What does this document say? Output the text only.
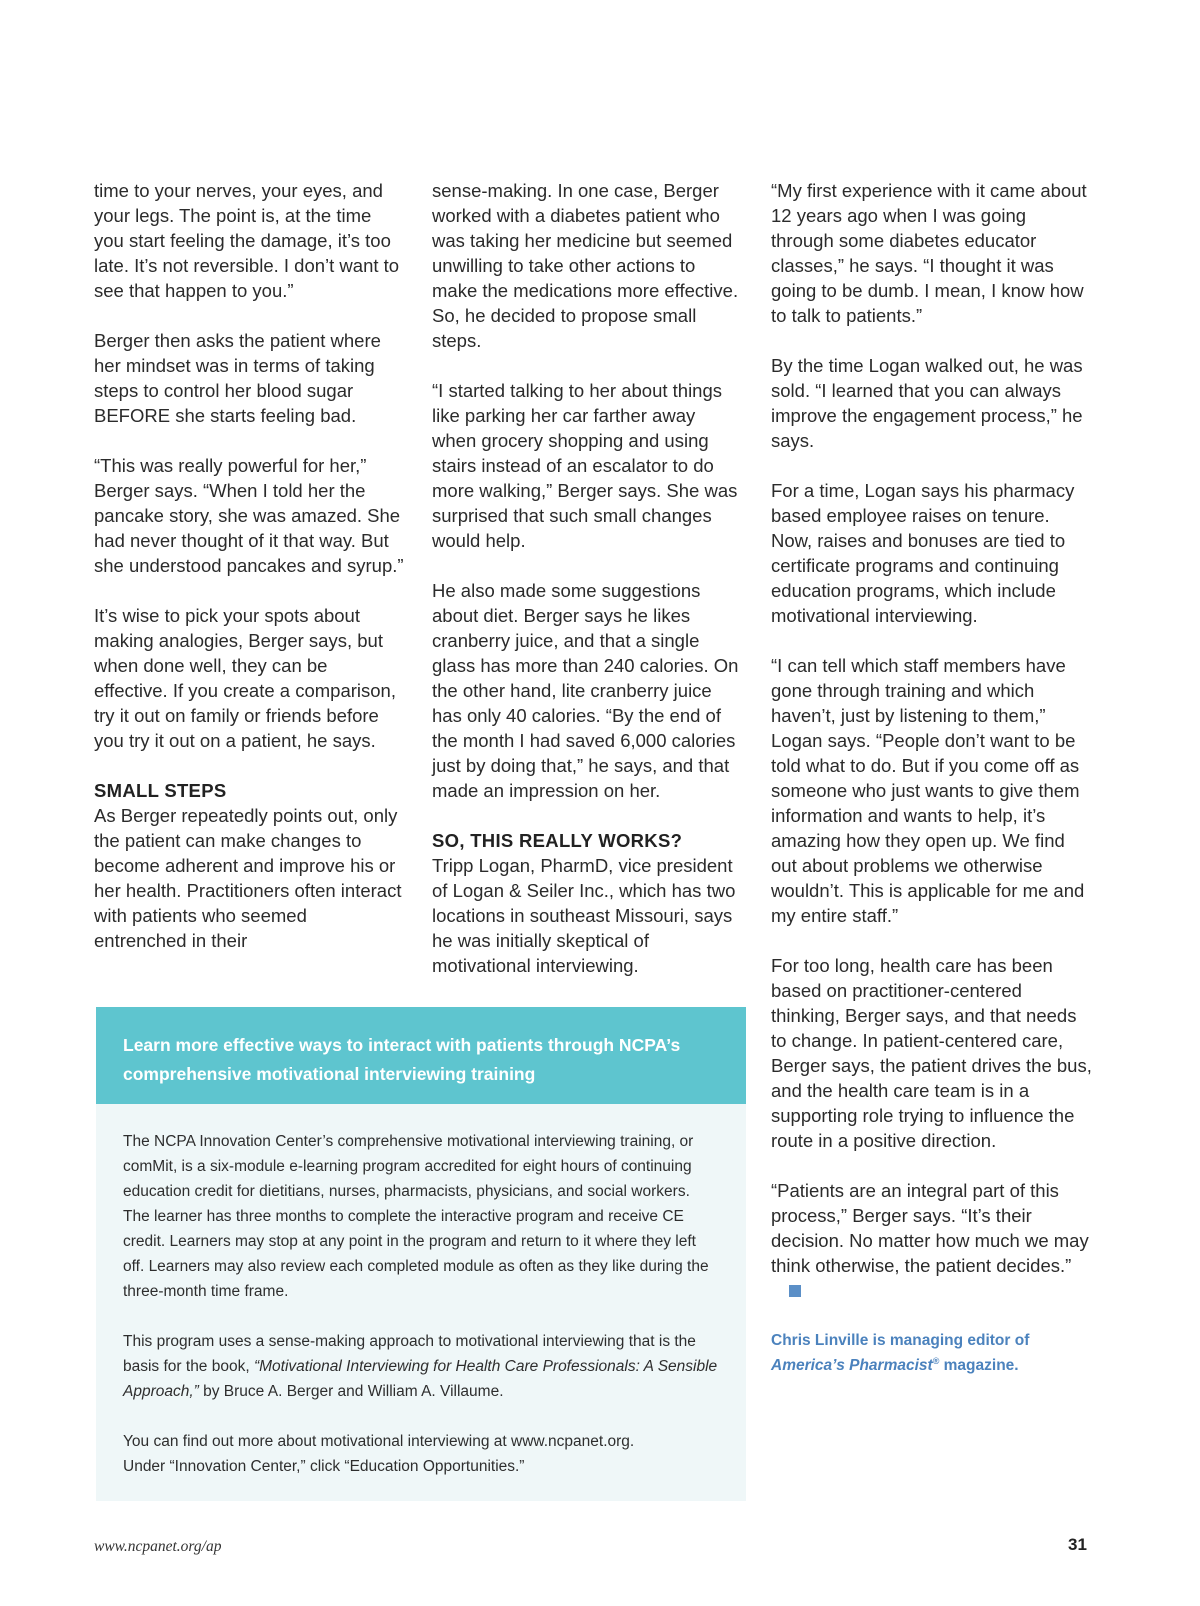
time to your nerves, your eyes, and your legs. The point is, at the time you start feeling the damage, it’s too late. It’s not reversible. I don’t want to see that happen to you.”

Berger then asks the patient where her mindset was in terms of taking steps to control her blood sugar BEFORE she starts feeling bad.

“This was really powerful for her,” Berger says. “When I told her the pancake story, she was amazed. She had never thought of it that way. But she understood pancakes and syrup.”

It’s wise to pick your spots about making analogies, Berger says, but when done well, they can be effective. If you create a comparison, try it out on family or friends before you try it out on a patient, he says.

SMALL STEPS

As Berger repeatedly points out, only the patient can make changes to become adherent and improve his or her health. Practitioners often interact with patients who seemed entrenched in their

sense-making. In one case, Berger worked with a diabetes patient who was taking her medicine but seemed unwilling to take other actions to make the medications more effective. So, he decided to propose small steps.

“I started talking to her about things like parking her car farther away when grocery shopping and using stairs instead of an escalator to do more walking,” Berger says. She was surprised that such small changes would help.

He also made some suggestions about diet. Berger says he likes cranberry juice, and that a single glass has more than 240 calories. On the other hand, lite cranberry juice has only 40 calories. “By the end of the month I had saved 6,000 calories just by doing that,” he says, and that made an impression on her.

SO, THIS REALLY WORKS?

Tripp Logan, PharmD, vice president of Logan & Seiler Inc., which has two locations in southeast Missouri, says he was initially skeptical of motivational interviewing.

“My first experience with it came about 12 years ago when I was going through some diabetes educator classes,” he says. “I thought it was going to be dumb. I mean, I know how to talk to patients.”

By the time Logan walked out, he was sold. “I learned that you can always improve the engagement process,” he says.

For a time, Logan says his pharmacy based employee raises on tenure. Now, raises and bonuses are tied to certificate programs and continuing education programs, which include motivational interviewing.

“I can tell which staff members have gone through training and which haven’t, just by listening to them,” Logan says. “People don’t want to be told what to do. But if you come off as someone who just wants to give them information and wants to help, it’s amazing how they open up. We find out about problems we otherwise wouldn’t. This is applicable for me and my entire staff.”

For too long, health care has been based on practitioner-centered thinking, Berger says, and that needs to change. In patient-centered care, Berger says, the patient drives the bus, and the health care team is in a supporting role trying to influence the route in a positive direction.

“Patients are an integral part of this process,” Berger says. “It’s their decision. No matter how much we may think otherwise, the patient decides.”

Chris Linville is managing editor of
America’s Pharmacist® magazine.

Learn more effective ways to interact with patients through NCPA’s
comprehensive motivational interviewing training

The NCPA Innovation Center’s comprehensive motivational interviewing training, or comMit, is a six-module e-learning program accredited for eight hours of continuing education credit for dietitians, nurses, pharmacists, physicians, and social workers. The learner has three months to complete the interactive program and receive CE credit. Learners may stop at any point in the program and return to it where they left off. Learners may also review each completed module as often as they like during the three-month time frame.

This program uses a sense-making approach to motivational interviewing that is the basis for the book, “Motivational Interviewing for Health Care Professionals: A Sensible Approach,” by Bruce A. Berger and William A. Villaume.

You can find out more about motivational interviewing at www.ncpanet.org.
Under “Innovation Center,” click “Education Opportunities.”

www.ncpanet.org/ap	31
